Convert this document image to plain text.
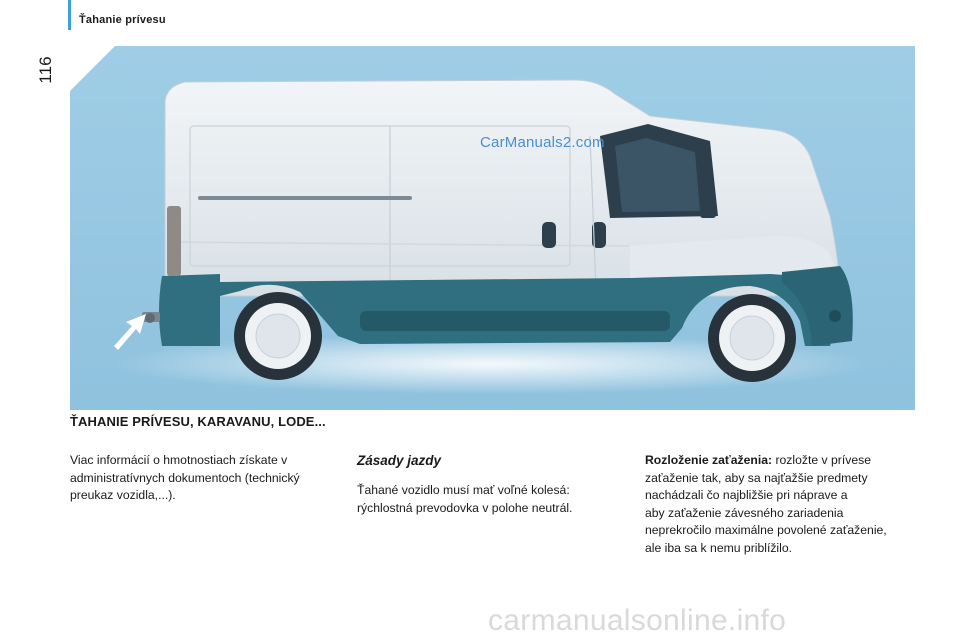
Ťahanie prívesu
116
CarManuals2.com
ŤAHANIE PRÍVESU, KARAVANU, LODE...
Viac informácií o hmotnostiach získate v
administratívnych dokumentoch (technický
preukaz vozidla,...).
Zásady jazdy
Ťahané vozidlo musí mať voľné kolesá:
rýchlostná prevodovka v polohe neutrál.
Rozloženie zaťaženia: rozložte v prívese
zaťaženie tak, aby sa najťažšie predmety
nachádzali čo najbližšie pri náprave a
aby zaťaženie závesného zariadenia
neprekročilo maximálne povolené zaťaženie,
ale iba sa k nemu priblížilo.
carmanualsonline.info
